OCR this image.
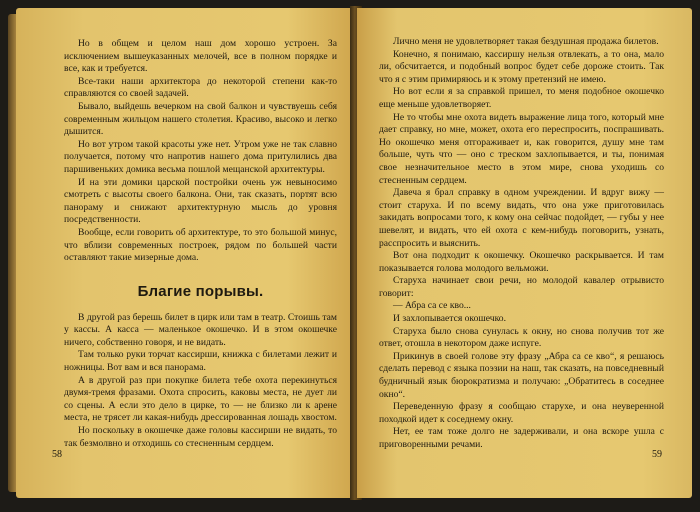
Но в общем и целом наш дом хорошо устроен. За исключением вышеуказанных мелочей, все в полном порядке и все, как и требуется.

Все-таки наши архитектора до некоторой степени как-то справляются со своей задачей.

Бывало, выйдешь вечерком на свой балкон и чувствуешь себя современным жильцом нашего столетия. Красиво, высоко и легко дышится.

Но вот утром такой красоты уже нет. Утром уже не так славно получается, потому что напротив нашего дома притулились два паршивеньких домика весьма пошлой мещанской архитектуры.

И на эти домики царской постройки очень уж невыносимо смотреть с высоты своего балкона. Они, так сказать, портят всю панораму и снижают архитектурную мысль до уровня посредственности.

Вообще, если говорить об архитектуре, то это большой минус, что вблизи современных построек, рядом по большей части оставляют такие мизерные дома.

Благие порывы.

В другой раз берешь билет в цирк или там в театр. Стоишь там у кассы. А касса — маленькое окошечко. И в этом окошечке ничего, собственно говоря, и не видать.

Там только руки торчат кассирши, книжка с билетами лежит и ножницы. Вот вам и вся панорама.

А в другой раз при покупке билета тебе охота перекинуться двумя-тремя фразами. Охота спросить, каковы места, не дует ли со сцены. А если это дело в цирке, то — не близко ли к арене места, не трясет ли какая-нибудь дрессированная лошадь хвостом.

Но поскольку в окошечке даже головы кассирши не видать, то так безмолвно и отходишь со стесненным сердцем.

58

Лично меня не удовлетворяет такая бездушная продажа билетов.

Конечно, я понимаю, кассиршу нельзя отвлекать, а то она, мало ли, обсчитается, и подобный вопрос будет себе дороже стоить. Так что я с этим примиряюсь и к этому претензий не имею.

Но вот если я за справкой пришел, то меня подобное окошечко еще меньше удовлетворяет.

Не то чтобы мне охота видеть выражение лица того, который мне дает справку, но мне, может, охота его переспросить, поспрашивать. Но окошечко меня отгораживает и, как говорится, душу мне там больше, чуть что — оно с треском захлопывается, и ты, понимая свое незначительное место в этом мире, снова уходишь со стесненным сердцем.

Давеча я брал справку в одном учреждении. И вдруг вижу — стоит старуха. И по всему видать, что она уже приготовилась закидать вопросами того, к кому она сейчас подойдет, — губы у нее шевелят, и видать, что ей охота с кем-нибудь поговорить, узнать, расспросить и выяснить.

Вот она подходит к окошечку. Окошечко раскрывается. И там показывается голова молодого вельможи.

Старуха начинает свои речи, но молодой кавалер отрывисто говорит:

— Абра са се кво...

И захлопывается окошечко.

Старуха было снова сунулась к окну, но снова получив тот же ответ, отошла в некотором даже испуге.

Прикинув в своей голове эту фразу „Абра са се кво“, я решаюсь сделать перевод с языка поэзии на наш, так сказать, на повседневный будничный язык бюрократизма и получаю: „Обратитесь в соседнее окно“.

Переведенную фразу я сообщаю старухе, и она неуверенной походкой идет к соседнему окну.

Нет, ее там тоже долго не задерживали, и она вскоре ушла с приговоренными речами.

59
